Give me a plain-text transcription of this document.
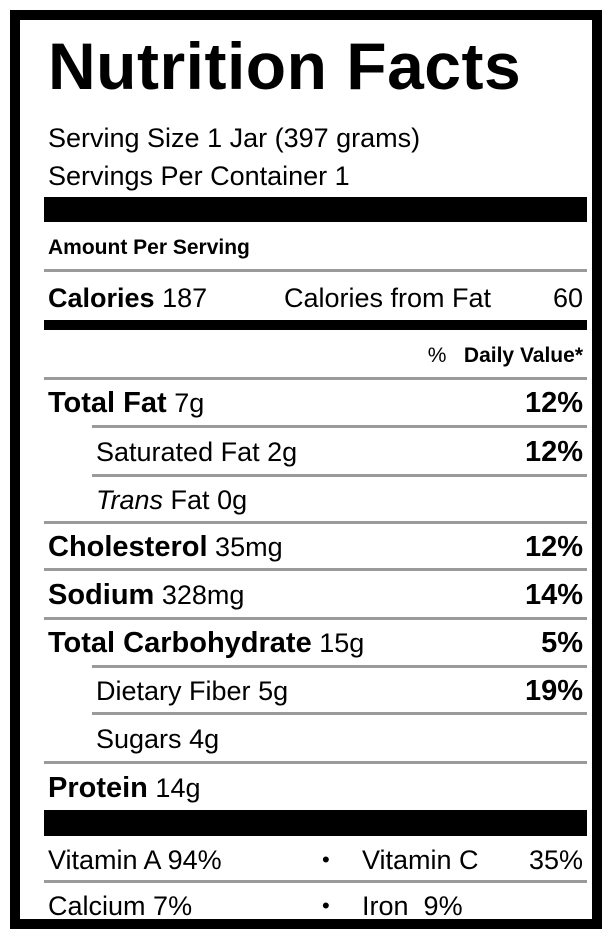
Nutrition Facts
Serving Size 1 Jar (397 grams)
Servings Per Container 1
Amount Per Serving
Calories 187	Calories from Fat 60
% Daily Value*
Total Fat 7g	12%
Saturated Fat 2g	12%
Trans Fat 0g
Cholesterol 35mg	12%
Sodium 328mg	14%
Total Carbohydrate 15g	5%
Dietary Fiber 5g	19%
Sugars 4g
Protein 14g
Vitamin A 94%	• Vitamin C 35%
Calcium 7%	• Iron 9%
